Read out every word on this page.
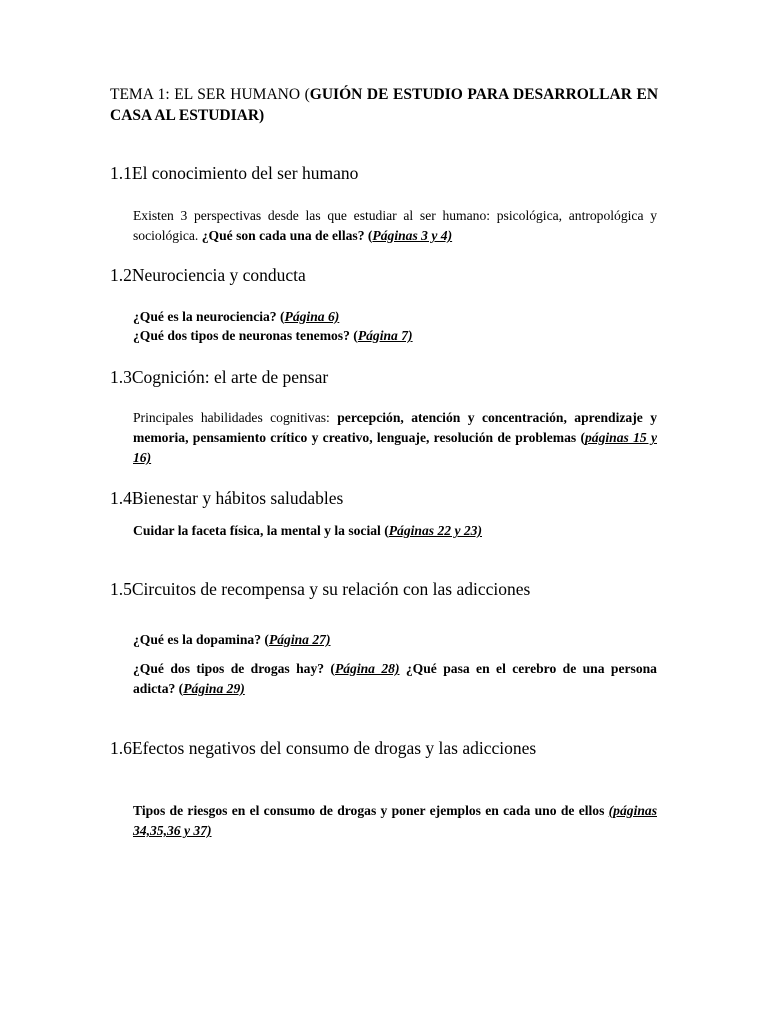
TEMA 1: EL SER HUMANO (GUIÓN DE ESTUDIO PARA DESARROLLAR EN CASA AL ESTUDIAR)
1.1El conocimiento del ser humano
Existen 3 perspectivas desde las que estudiar al ser humano: psicológica, antropológica y sociológica. ¿Qué son cada una de ellas? (Páginas 3 y 4)
1.2Neurociencia y conducta
¿Qué es la neurociencia? (Página 6)
¿Qué dos tipos de neuronas tenemos? (Página 7)
1.3Cognición: el arte de pensar
Principales habilidades cognitivas: percepción, atención y concentración, aprendizaje y memoria, pensamiento crítico y creativo, lenguaje, resolución de problemas (páginas 15 y 16)
1.4Bienestar y hábitos saludables
Cuidar la faceta física, la mental y la social (Páginas 22 y 23)
1.5Circuitos de recompensa y su relación con las adicciones
¿Qué es la dopamina? (Página 27)
¿Qué dos tipos de drogas hay? (Página 28) ¿Qué pasa en el cerebro de una persona adicta? (Página 29)
1.6Efectos negativos del consumo de drogas y las adicciones
Tipos de riesgos en el consumo de drogas y poner ejemplos en cada uno de ellos (páginas 34,35,36 y 37)
